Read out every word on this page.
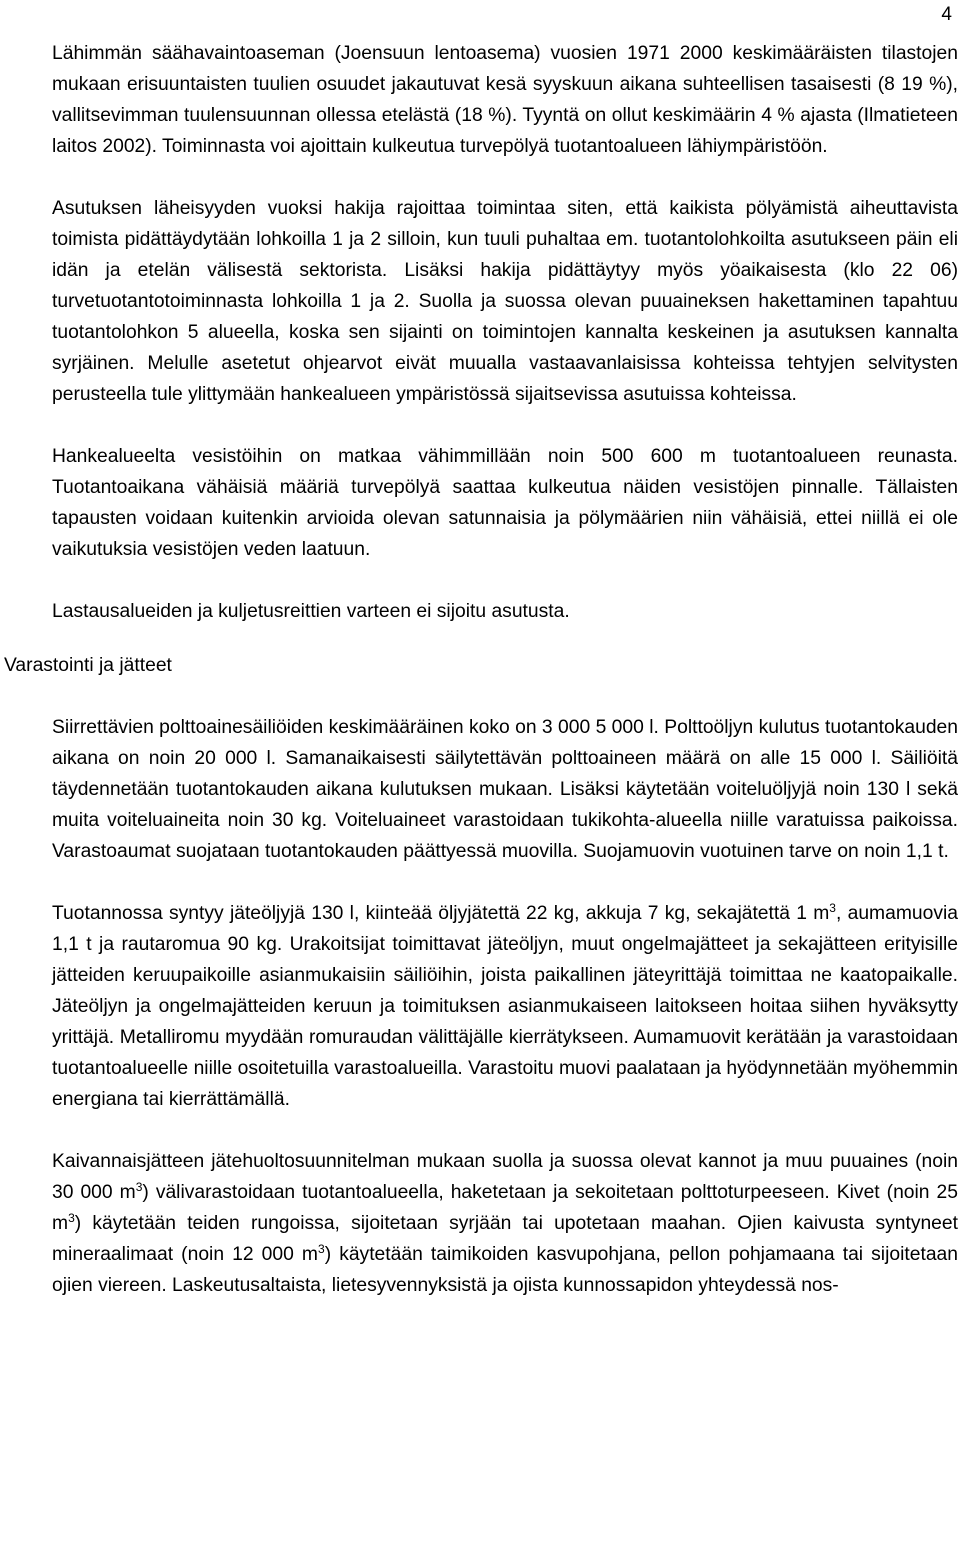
4

Lähimmän säähavaintoaseman (Joensuun lentoasema) vuosien 1971 2000 keskimääräisten tilastojen mukaan erisuuntaisten tuulien osuudet jakautuvat kesä syyskuun aikana suhteellisen tasaisesti (8 19 %), vallitsevimman tuulensuunnan ollessa etelästä (18 %). Tyyntä on ollut keskimäärin 4 % ajasta (Ilmatieteen laitos 2002). Toiminnasta voi ajoittain kulkeutua turvepölyä tuotantoalueen lähiympäristöön.

Asutuksen läheisyyden vuoksi hakija rajoittaa toimintaa siten, että kaikista pölyämistä aiheuttavista toimista pidättäydytään lohkoilla 1 ja 2 silloin, kun tuuli puhaltaa em. tuotantolohkoilta asutukseen päin eli idän ja etelän välisestä sektorista. Lisäksi hakija pidättäytyy myös yöaikaisesta (klo 22 06) turvetuotantotoiminnasta lohkoilla 1 ja 2. Suolla ja suossa olevan puuaineksen hakettaminen tapahtuu tuotantolohkon 5 alueella, koska sen sijainti on toimintojen kannalta keskeinen ja asutuksen kannalta syrjäinen. Melulle asetetut ohjearvot eivät muualla vastaavanlaisissa kohteissa tehtyjen selvitysten perusteella tule ylittymään hankealueen ympäristössä sijaitsevissa asutuissa kohteissa.

Hankealueelta vesistöihin on matkaa vähimmillään noin 500 600 m tuotantoalueen reunasta. Tuotantoaikana vähäisiä määriä turvepölyä saattaa kulkeutua näiden vesistöjen pinnalle. Tällaisten tapausten voidaan kuitenkin arvioida olevan satunnaisia ja pölymäärien niin vähäisiä, ettei niillä ei ole vaikutuksia vesistöjen veden laatuun.

Lastausalueiden ja kuljetusreittien varteen ei sijoitu asutusta.

Varastointi ja jätteet

Siirrettävien polttoainesäiliöiden keskimääräinen koko on 3 000 5 000 l. Polttoöljyn kulutus tuotantokauden aikana on noin 20 000 l. Samanaikaisesti säilytettävän polttoaineen määrä on alle 15 000 l. Säiliöitä täydennetään tuotantokauden aikana kulutuksen mukaan. Lisäksi käytetään voiteluöljyjä noin 130 l sekä muita voiteluaineita noin 30 kg. Voiteluaineet varastoidaan tukikohta-alueella niille varatuissa paikoissa. Varastoaumat suojataan tuotantokauden päättyessä muovilla. Suojamuovin vuotuinen tarve on noin 1,1 t.

Tuotannossa syntyy jäteöljyjä 130 l, kiinteää öljyjätettä 22 kg, akkuja 7 kg, sekajätettä 1 $m^3$, aumamuovia 1,1 t ja rautaromua 90 kg. Urakoitsijat toimittavat jäteöljyn, muut ongelmajätteet ja sekajätteen erityisille jätteiden keruupaikoille asianmukaisiin säiliöihin, joista paikallinen jäteyrittäjä toimittaa ne kaatopaikalle. Jäteöljyn ja ongelmajätteiden keruun ja toimituksen asianmukaiseen laitokseen hoitaa siihen hyväksytty yrittäjä. Metalliromu myydään romuraudan välittäjälle kierrätykseen. Aumamuovit kerätään ja varastoidaan tuotantoalueelle niille osoitetuilla varastoalueilla. Varastoitu muovi paalataan ja hyödynnetään myöhemmin energiana tai kierrättämällä.

Kaivannaisjätteen jätehuoltosuunnitelman mukaan suolla ja suossa olevat kannot ja muu puuaines (noin 30 000 $m^3$) välivarastoidaan tuotantoalueella, haketetaan ja sekoitetaan polttoturpeeseen. Kivet (noin 25 $m^3$) käytetään teiden rungoissa, sijoitetaan syrjään tai upotetaan maahan. Ojien kaivusta syntyneet mineraalimaat (noin 12 000 $m^3$) käytetään taimikoiden kasvupohjana, pellon pohjamaana tai sijoitetaan ojien viereen. Laskeutusaltaista, lietesyvennyksistä ja ojista kunnossapidon yhteydessä nos-
